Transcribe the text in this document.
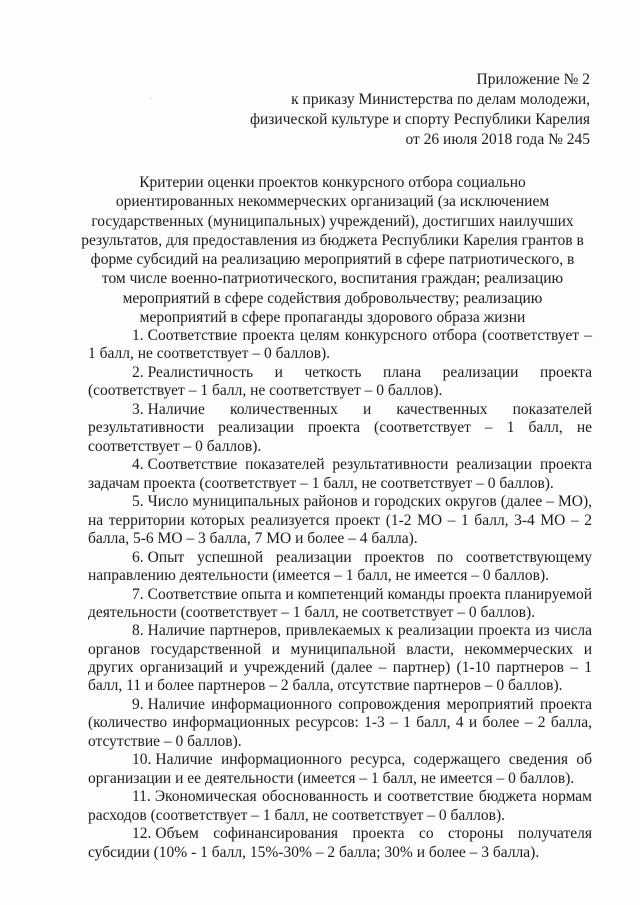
Приложение № 2
к приказу Министерства по делам молодежи,
физической культуре и спорту Республики Карелия
от 26 июля 2018 года № 245
Критерии оценки проектов конкурсного отбора социально ориентированных некоммерческих организаций (за исключением государственных (муниципальных) учреждений), достигших наилучших результатов, для предоставления из бюджета Республики Карелия грантов в форме субсидий на реализацию мероприятий в сфере патриотического, в том числе военно-патриотического, воспитания граждан; реализацию мероприятий в сфере содействия добровольчеству; реализацию мероприятий в сфере пропаганды здорового образа жизни
1. Соответствие проекта целям конкурсного отбора (соответствует – 1 балл, не соответствует – 0 баллов).
2. Реалистичность и четкость плана реализации проекта (соответствует – 1 балл, не соответствует – 0 баллов).
3. Наличие количественных и качественных показателей результативности реализации проекта (соответствует – 1 балл, не соответствует – 0 баллов).
4. Соответствие показателей результативности реализации проекта задачам проекта (соответствует – 1 балл, не соответствует – 0 баллов).
5. Число муниципальных районов и городских округов (далее – МО), на территории которых реализуется проект (1-2 МО – 1 балл, 3-4 МО – 2 балла, 5-6 МО – 3 балла, 7 МО и более – 4 балла).
6. Опыт успешной реализации проектов по соответствующему направлению деятельности (имеется – 1 балл, не имеется – 0 баллов).
7. Соответствие опыта и компетенций команды проекта планируемой деятельности (соответствует – 1 балл, не соответствует – 0 баллов).
8. Наличие партнеров, привлекаемых к реализации проекта из числа органов государственной и муниципальной власти, некоммерческих и других организаций и учреждений (далее – партнер) (1-10 партнеров – 1 балл, 11 и более партнеров – 2 балла, отсутствие партнеров – 0 баллов).
9. Наличие информационного сопровождения мероприятий проекта (количество информационных ресурсов: 1-3 – 1 балл, 4 и более – 2 балла, отсутствие – 0 баллов).
10. Наличие информационного ресурса, содержащего сведения об организации и ее деятельности (имеется – 1 балл, не имеется – 0 баллов).
11. Экономическая обоснованность и соответствие бюджета нормам расходов (соответствует – 1 балл, не соответствует – 0 баллов).
12. Объем софинансирования проекта со стороны получателя субсидии (10% - 1 балл, 15%-30% – 2 балла; 30% и более – 3 балла).
